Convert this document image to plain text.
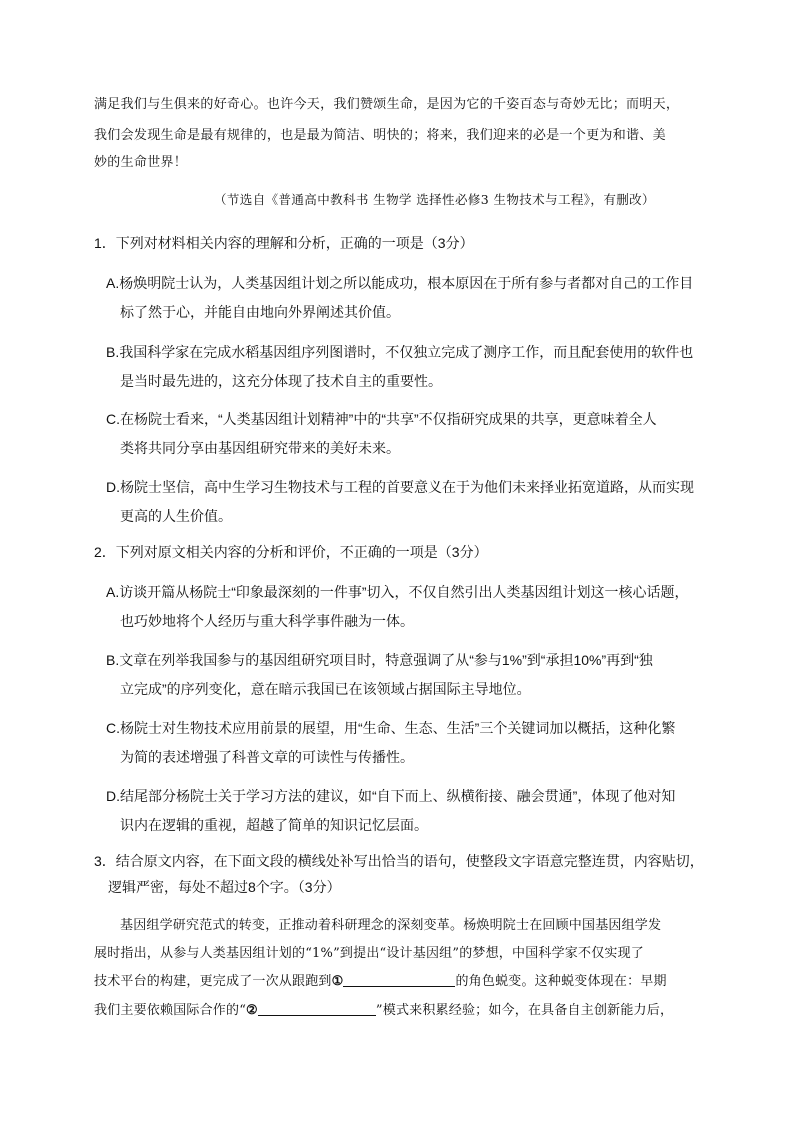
满足我们与生俱来的好奇心。也许今天，我们赞颂生命，是因为它的千姿百态与奇妙无比；而明天，
我们会发现生命是最有规律的，也是最为简洁、明快的；将来，我们迎来的必是一个更为和谐、美
妙的生命世界！
（节选自《普通高中教科书 生物学 选择性必修3 生物技术与工程》，有删改）
1．下列对材料相关内容的理解和分析，正确的一项是（3分）
A.杨焕明院士认为，人类基因组计划之所以能成功，根本原因在于所有参与者都对自己的工作目
标了然于心，并能自由地向外界阐述其价值。
B.我国科学家在完成水稻基因组序列图谱时，不仅独立完成了测序工作，而且配套使用的软件也
是当时最先进的，这充分体现了技术自主的重要性。
C.在杨院士看来，“人类基因组计划精神”中的“共享”不仅指研究成果的共享，更意味着全人
类将共同分享由基因组研究带来的美好未来。
D.杨院士坚信，高中生学习生物技术与工程的首要意义在于为他们未来择业拓宽道路，从而实现
更高的人生价值。
2．下列对原文相关内容的分析和评价，不正确的一项是（3分）
A.访谈开篇从杨院士“印象最深刻的一件事”切入，不仅自然引出人类基因组计划这一核心话题，
也巧妙地将个人经历与重大科学事件融为一体。
B.文章在列举我国参与的基因组研究项目时，特意强调了从“参与1%”到“承担10%”再到“独
立完成”的序列变化，意在暗示我国已在该领域占据国际主导地位。
C.杨院士对生物技术应用前景的展望，用“生命、生态、生活”三个关键词加以概括，这种化繁
为简的表述增强了科普文章的可读性与传播性。
D.结尾部分杨院士关于学习方法的建议，如“自下而上、纵横衔接、融会贯通”，体现了他对知
识内在逻辑的重视，超越了简单的知识记忆层面。
3．结合原文内容，在下面文段的横线处补写出恰当的语句，使整段文字语意完整连贯，内容贴切，
逻辑严密，每处不超过8个字。（3分）
基因组学研究范式的转变，正推动着科研理念的深刻变革。杨焕明院士在回顾中国基因组学发
展时指出，从参与人类基因组计划的“1%”到提出“设计基因组”的梦想，中国科学家不仅实现了
技术平台的构建，更完成了一次从跟跑到①	的角色蜕变。这种蜕变体现在：早期
我们主要依赖国际合作的“②	”模式来积累经验；如今，在具备自主创新能力后，
